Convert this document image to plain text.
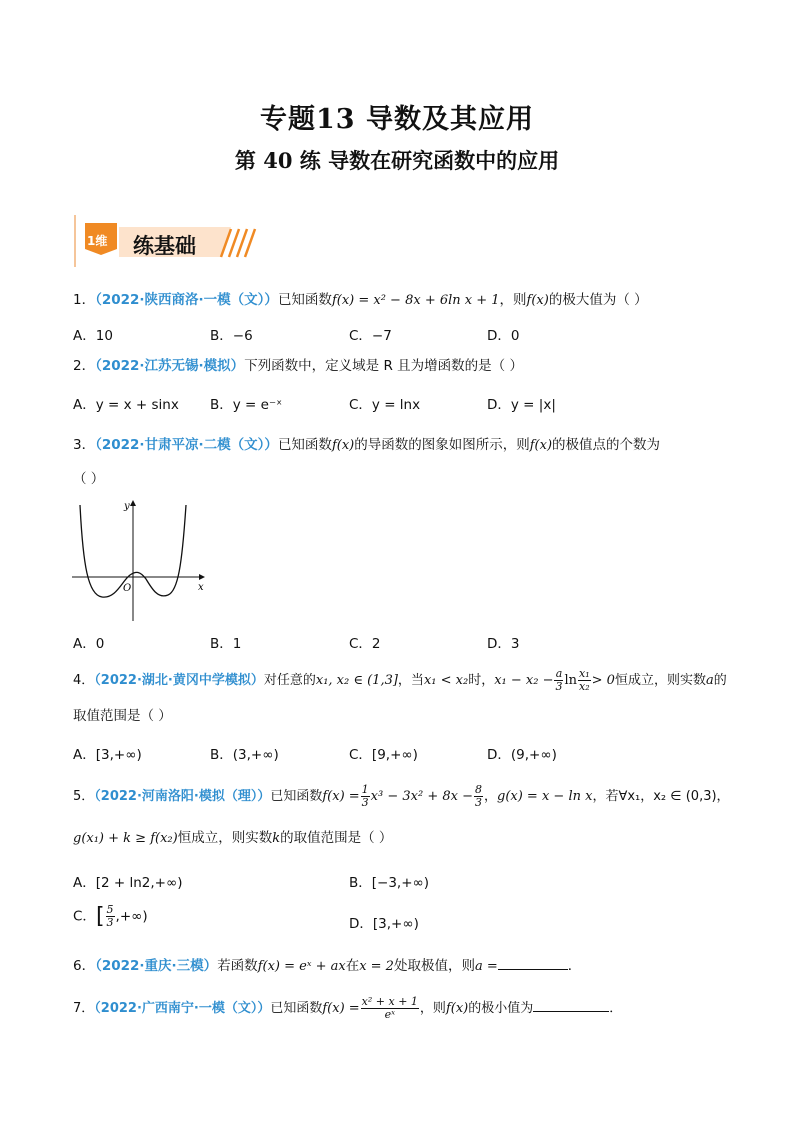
专题13 导数及其应用
第 40 练 导数在研究函数中的应用
1维 练基础
1．（2022·陕西商洛·一模（文））已知函数f(x) = x² − 8x + 6ln x + 1，则f(x)的极大值为（ ）
A．10	B．−6	C．−7	D．0
2．（2022·江苏无锡·模拟）下列函数中，定义域是 R 且为增函数的是（ ）
A．y = x + sinx B．y = e⁻ˣ	C．y = lnx	D．y = |x|
3．（2022·甘肃平凉·二模（文））已知函数f(x)的导函数的图象如图所示，则f(x)的极值点的个数为
（ ）
y
x
O
A．0	B．1	C．2	D．3
4．（2022·湖北·黄冈中学模拟）对任意的x₁, x₂ ∈ (1,3]，当x₁ < x₂时，$x_1 - x_2 - \frac{a}{3}$ $\ln \frac{\text{x₁}}{\text{x₂}} > 0$恒成立，则实数a的
取值范围是（ ）
A．[3,+∞)	B．(3,+∞)	C．[9,+∞)	D．(9,+∞)
5．（2022·河南洛阳·模拟（理））已知函数$f(x) = \frac{1}{3} x^3 - 3x^2 + 8x - \frac{8}{3}$ ，g(x) = x − ln x，若∀x₁，x₂ ∈ (0,3)，
g(x₁) + k ≥ f(x₂)恒成立，则实数k的取值范围是（ ）
A．[2 + ln2,+∞)	B．[−3,+∞)
C．[ $\frac{5}{3}$ ,+∞)	D．[3,+∞)
6．（2022·重庆·三模）若函数f(x) = eˣ + ax在x = 2处取极值，则a =	．
7．（2022·广西南宁·一模（文））已知函数$f(x) = \frac{\text{x² + x + 1}}{\text{eˣ}}$ ，则f(x)的极小值为	．
